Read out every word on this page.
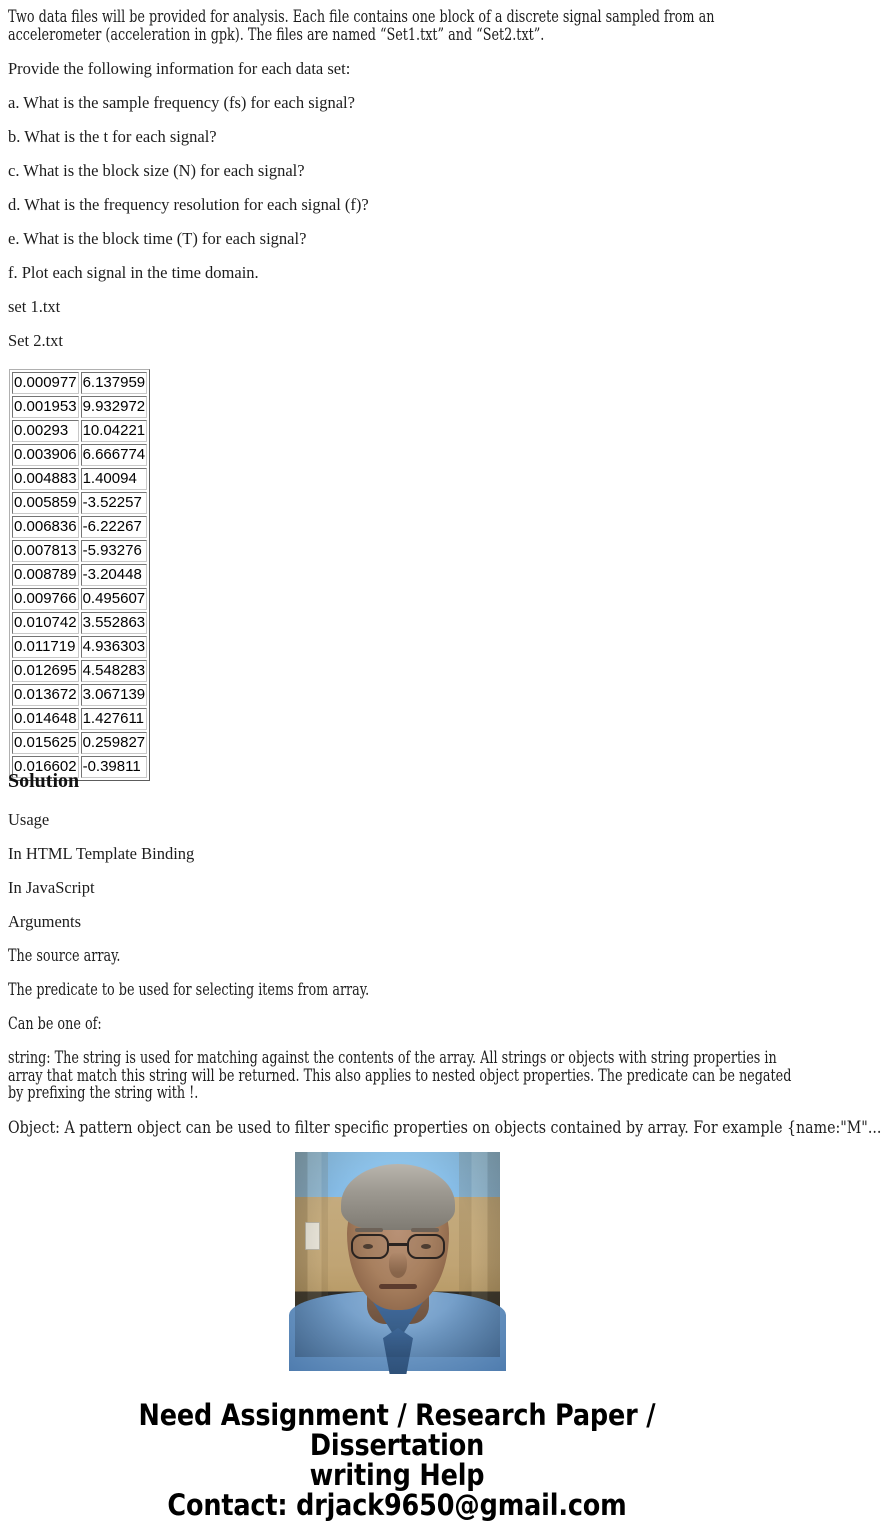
Two data files will be provided for analysis. Each file contains one block of a discrete signal sampled from an accelerometer (acceleration in gpk). The files are named “Set1.txt” and “Set2.txt”.

Provide the following information for each data set:

a. What is the sample frequency (fs) for each signal?

b. What is the t for each signal?

c. What is the block size (N) for each signal?

d. What is the frequency resolution for each signal (f)?

e. What is the block time (T) for each signal?

f. Plot each signal in the time domain.

set 1.txt

Set 2.txt

0.000977	6.137959
0.001953	9.932972
0.00293	10.04221
0.003906	6.666774
0.004883	1.40094
0.005859	-3.52257
0.006836	-6.22267
0.007813	-5.93276
0.008789	-3.20448
0.009766	0.495607
0.010742	3.552863
0.011719	4.936303
0.012695	4.548283
0.013672	3.067139
0.014648	1.427611
0.015625	0.259827
0.016602	-0.39811
Solution

Usage

In HTML Template Binding

In JavaScript

Arguments

The source array.

The predicate to be used for selecting items from array.

Can be one of:

string: The string is used for matching against the contents of the array. All strings or objects with string properties in array that match this string will be returned. This also applies to nested object properties. The predicate can be negated by prefixing the string with !.

Object: A pattern object can be used to filter specific properties on objects contained by array. For example {name:"M"...

Need Assignment / Research Paper / Dissertation
writing Help
Contact: drjack9650@gmail.com
